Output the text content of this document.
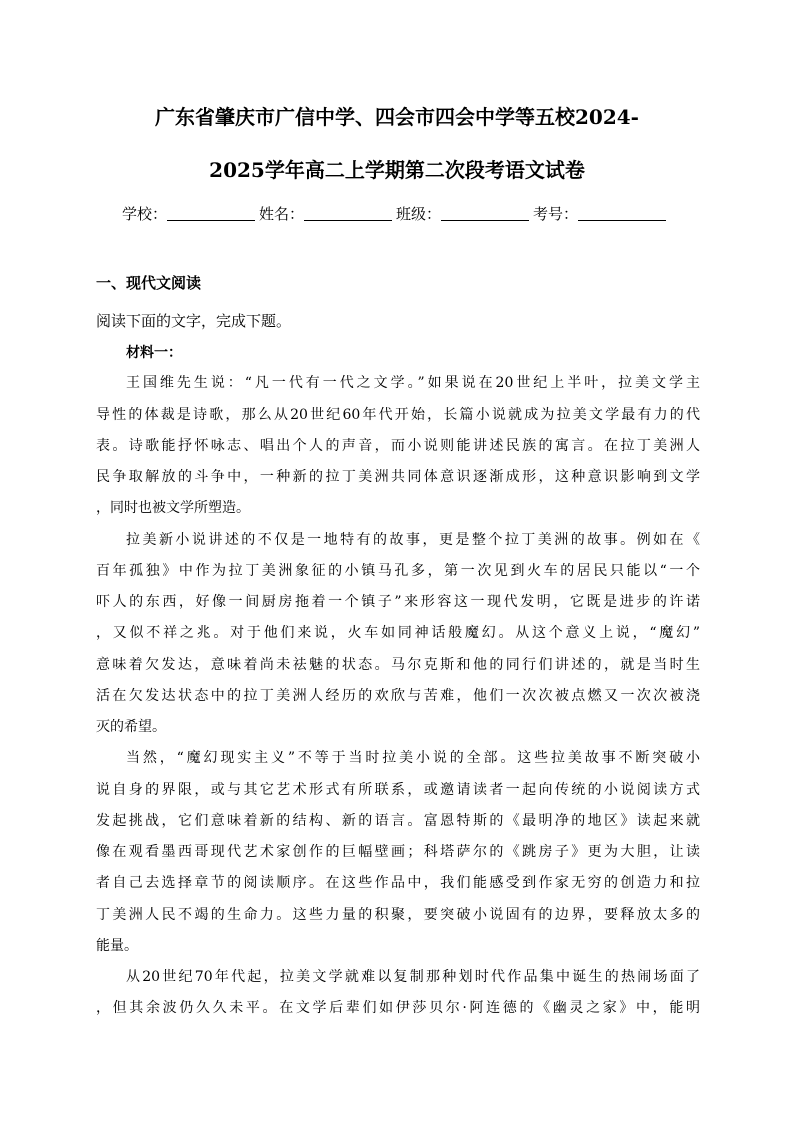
广东省肇庆市广信中学、四会市四会中学等五校2024-
2025学年高二上学期第二次段考语文试卷
学校：	姓名：	班级：	考号：
一、现代文阅读
阅读下面的文字，完成下题。
材料一：
王国维先生说：“凡一代有一代之文学。”如果说在20世纪上半叶，拉美文学主
导性的体裁是诗歌，那么从20世纪60年代开始，长篇小说就成为拉美文学最有力的代
表。诗歌能抒怀咏志、唱出个人的声音，而小说则能讲述民族的寓言。在拉丁美洲人
民争取解放的斗争中，一种新的拉丁美洲共同体意识逐渐成形，这种意识影响到文学
，同时也被文学所塑造。
拉美新小说讲述的不仅是一地特有的故事，更是整个拉丁美洲的故事。例如在《
百年孤独》中作为拉丁美洲象征的小镇马孔多，第一次见到火车的居民只能以“一个
吓人的东西，好像一间厨房拖着一个镇子”来形容这一现代发明，它既是进步的许诺
，又似不祥之兆。对于他们来说，火车如同神话般魔幻。从这个意义上说，“魔幻”
意味着欠发达，意味着尚未祛魅的状态。马尔克斯和他的同行们讲述的，就是当时生
活在欠发达状态中的拉丁美洲人经历的欢欣与苦难，他们一次次被点燃又一次次被浇
灭的希望。
当然，“魔幻现实主义”不等于当时拉美小说的全部。这些拉美故事不断突破小
说自身的界限，或与其它艺术形式有所联系，或邀请读者一起向传统的小说阅读方式
发起挑战，它们意味着新的结构、新的语言。富恩特斯的《最明净的地区》读起来就
像在观看墨西哥现代艺术家创作的巨幅壁画；科塔萨尔的《跳房子》更为大胆，让读
者自己去选择章节的阅读顺序。在这些作品中，我们能感受到作家无穷的创造力和拉
丁美洲人民不竭的生命力。这些力量的积聚，要突破小说固有的边界，要释放太多的
能量。
从20世纪70年代起，拉美文学就难以复制那种划时代作品集中诞生的热闹场面了
，但其余波仍久久未平。在文学后辈们如伊莎贝尔·阿连德的《幽灵之家》中，能明
